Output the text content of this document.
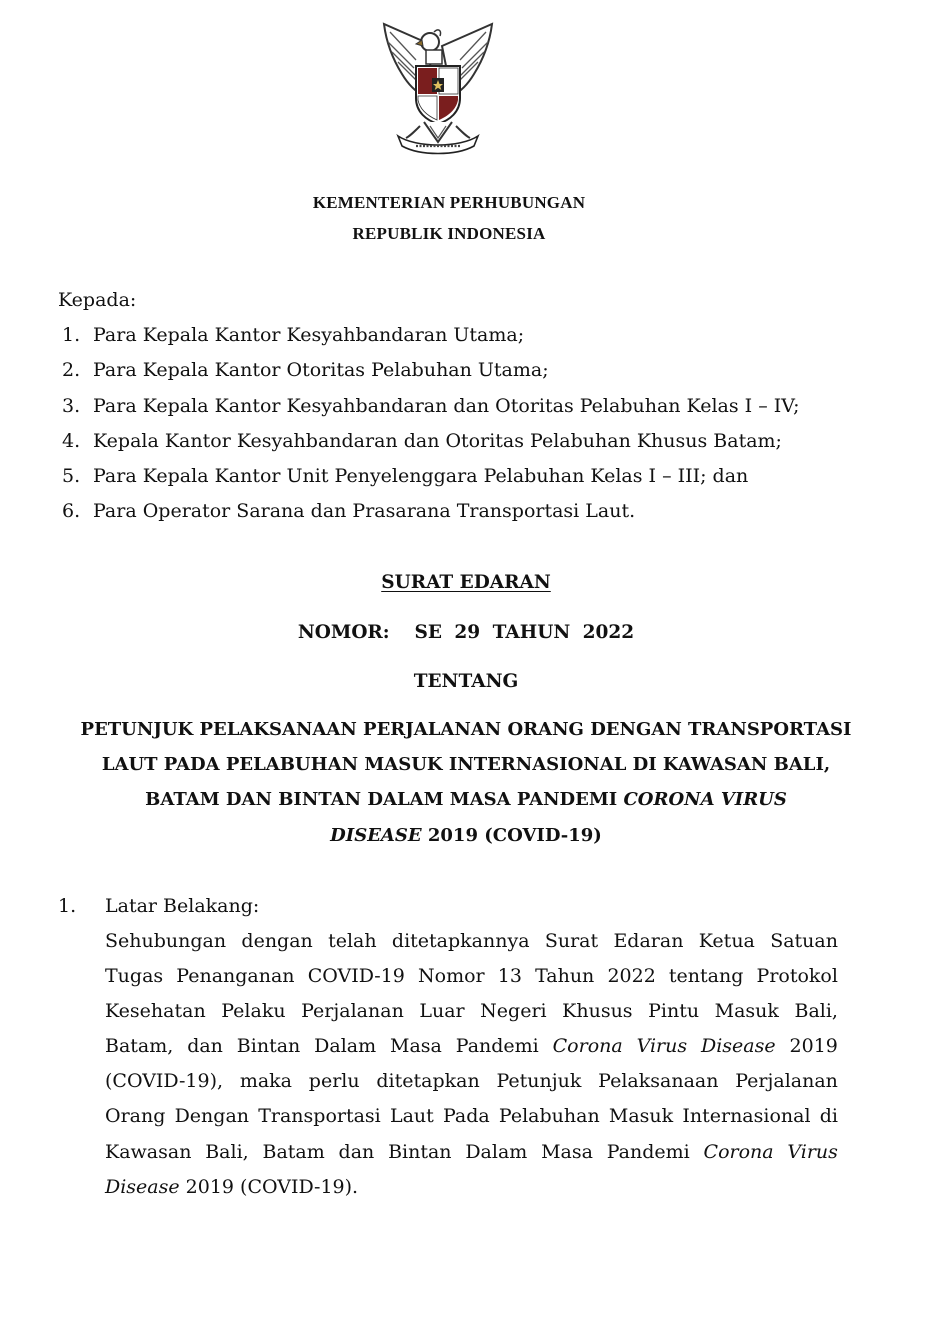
KEMENTERIAN PERHUBUNGAN
REPUBLIK INDONESIA
Kepada:
1. Para Kepala Kantor Kesyahbandaran Utama;
2. Para Kepala Kantor Otoritas Pelabuhan Utama;
3. Para Kepala Kantor Kesyahbandaran dan Otoritas Pelabuhan Kelas I – IV;
4. Kepala Kantor Kesyahbandaran dan Otoritas Pelabuhan Khusus Batam;
5. Para Kepala Kantor Unit Penyelenggara Pelabuhan Kelas I – III; dan
6. Para Operator Sarana dan Prasarana Transportasi Laut.
SURAT EDARAN
NOMOR:  SE 29 TAHUN 2022
TENTANG
PETUNJUK PELAKSANAAN PERJALANAN ORANG DENGAN TRANSPORTASI
LAUT PADA PELABUHAN MASUK INTERNASIONAL DI KAWASAN BALI,
BATAM DAN BINTAN DALAM MASA PANDEMI CORONA VIRUS
DISEASE 2019 (COVID-19)
1. Latar Belakang:
Sehubungan dengan telah ditetapkannya Surat Edaran Ketua Satuan
Tugas Penanganan COVID-19 Nomor 13 Tahun 2022 tentang Protokol
Kesehatan Pelaku Perjalanan Luar Negeri Khusus Pintu Masuk Bali,
Batam, dan Bintan Dalam Masa Pandemi Corona Virus Disease 2019
(COVID-19), maka perlu ditetapkan Petunjuk Pelaksanaan Perjalanan
Orang Dengan Transportasi Laut Pada Pelabuhan Masuk Internasional di
Kawasan Bali, Batam dan Bintan Dalam Masa Pandemi Corona Virus
Disease 2019 (COVID-19).
